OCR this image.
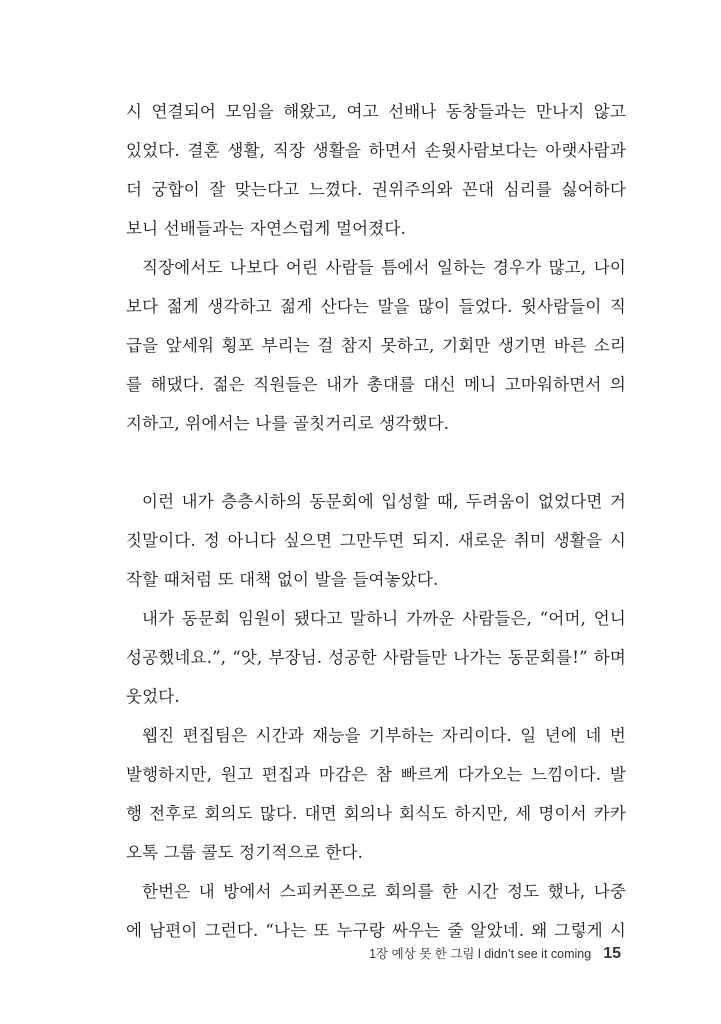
시 연결되어 모임을 해왔고, 여고 선배나 동창들과는 만나지 않고
있었다. 결혼 생활, 직장 생활을 하면서 손윗사람보다는 아랫사람과
더 궁합이 잘 맞는다고 느꼈다. 권위주의와 꼰대 심리를 싫어하다
보니 선배들과는 자연스럽게 멀어졌다.
직장에서도 나보다 어린 사람들 틈에서 일하는 경우가 많고, 나이
보다 젊게 생각하고 젊게 산다는 말을 많이 들었다. 윗사람들이 직
급을 앞세워 횡포 부리는 걸 참지 못하고, 기회만 생기면 바른 소리
를 해댔다. 젊은 직원들은 내가 총대를 대신 메니 고마워하면서 의
지하고, 위에서는 나를 골칫거리로 생각했다.
이런 내가 층층시하의 동문회에 입성할 때, 두려움이 없었다면 거
짓말이다. 정 아니다 싶으면 그만두면 되지. 새로운 취미 생활을 시
작할 때처럼 또 대책 없이 발을 들여놓았다.
내가 동문회 임원이 됐다고 말하니 가까운 사람들은, “어머, 언니
성공했네요.”, “앗, 부장님. 성공한 사람들만 나가는 동문회를!” 하며
웃었다.
웹진 편집팀은 시간과 재능을 기부하는 자리이다. 일 년에 네 번
발행하지만, 원고 편집과 마감은 참 빠르게 다가오는 느낌이다. 발
행 전후로 회의도 많다. 대면 회의나 회식도 하지만, 세 명이서 카카
오톡 그룹 콜도 정기적으로 한다.
한번은 내 방에서 스피커폰으로 회의를 한 시간 정도 했나, 나중
에 남편이 그런다. “나는 또 누구랑 싸우는 줄 알았네. 왜 그렇게 시
1장 예상 못 한 그림 l didn’t see it coming 15
